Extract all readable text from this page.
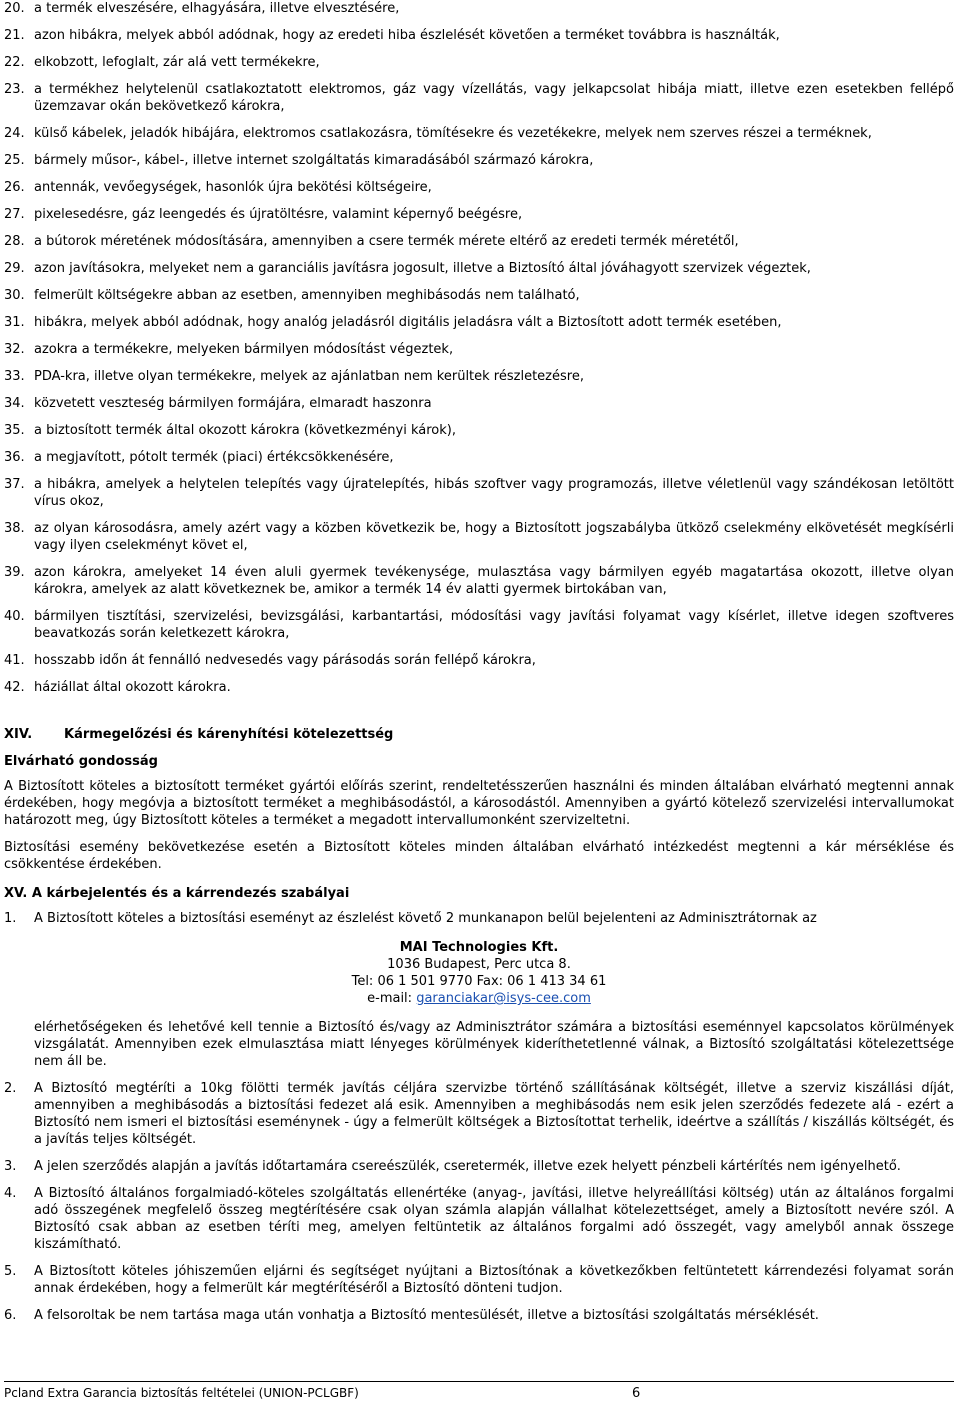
20. a termék elveszésére, elhagyására, illetve elvesztésére,
21. azon hibákra, melyek abból adódnak, hogy az eredeti hiba észlelését követően a terméket továbbra is használták,
22. elkobzott, lefoglalt, zár alá vett termékekre,
23. a termékhez helytelenül csatlakoztatott elektromos, gáz vagy vízellátás, vagy jelkapcsolat hibája miatt, illetve ezen esetekben fellépő üzemzavar okán bekövetkező károkra,
24. külső kábelek, jeladók hibájára, elektromos csatlakozásra, tömítésekre és vezetékekre, melyek nem szerves részei a terméknek,
25. bármely műsor-, kábel-, illetve internet szolgáltatás kimaradásából származó károkra,
26. antennák, vevőegységek, hasonlók újra bekötési költségeire,
27. pixelesedésre, gáz leengedés és újratöltésre, valamint képernyő beégésre,
28. a bútorok méretének módosítására, amennyiben a csere termék mérete eltérő az eredeti termék méretétől,
29. azon javításokra, melyeket nem a garanciális javításra jogosult, illetve a Biztosító által jóváhagyott szervizek végeztek,
30. felmerült költségekre abban az esetben, amennyiben meghibásodás nem található,
31. hibákra, melyek abból adódnak, hogy analóg jeladásról digitális jeladásra vált a Biztosított adott termék esetében,
32. azokra a termékekre, melyeken bármilyen módosítást végeztek,
33. PDA-kra, illetve olyan termékekre, melyek az ajánlatban nem kerültek részletezésre,
34. közvetett veszteség bármilyen formájára, elmaradt haszonra
35. a biztosított termék által okozott károkra (következményi károk),
36. a megjavított, pótolt termék (piaci) értékcsökkenésére,
37. a hibákra, amelyek a helytelen telepítés vagy újratelepítés, hibás szoftver vagy programozás, illetve véletlenül vagy szándékosan letöltött vírus okoz,
38. az olyan károsodásra, amely azért vagy a közben következik be, hogy a Biztosított jogszabályba ütköző cselekmény elkövetését megkísérli vagy ilyen cselekményt követ el,
39. azon károkra, amelyeket 14 éven aluli gyermek tevékenysége, mulasztása vagy bármilyen egyéb magatartása okozott, illetve olyan károkra, amelyek az alatt következnek be, amikor a termék 14 év alatti gyermek birtokában van,
40. bármilyen tisztítási, szervizelési, bevizsgálási, karbantartási, módosítási vagy javítási folyamat vagy kísérlet, illetve idegen szoftveres beavatkozás során keletkezett károkra,
41. hosszabb időn át fennálló nedvesedés vagy párásodás során fellépő károkra,
42. háziállat által okozott károkra.
XIV. Kármegelőzési és kárenyhítési kötelezettség
Elvárható gondosság

A Biztosított köteles a biztosított terméket gyártói előírás szerint, rendeltetésszerűen használni és minden általában elvárható megtenni annak érdekében, hogy megóvja a biztosított terméket a meghibásodástól, a károsodástól. Amennyiben a gyártó kötelező szervizelési intervallumokat határozott meg, úgy Biztosított köteles a terméket a megadott intervallumonként szervizeltetni.

Biztosítási esemény bekövetkezése esetén a Biztosított köteles minden általában elvárható intézkedést megtenni a kár mérséklése és csökkentése érdekében.

XV. A kárbejelentés és a kárrendezés szabályai
1. A Biztosított köteles a biztosítási eseményt az észlelést követő 2 munkanapon belül bejelenteni az Adminisztrátornak az
MAI Technologies Kft.
1036 Budapest, Perc utca 8.
Tel: 06 1 501 9770 Fax: 06 1 413 34 61
e-mail: garanciakar@isys-cee.com

elérhetőségeken és lehetővé kell tennie a Biztosító és/vagy az Adminisztrátor számára a biztosítási eseménnyel kapcsolatos körülmények vizsgálatát. Amennyiben ezek elmulasztása miatt lényeges körülmények kideríthetetlenné válnak, a Biztosító szolgáltatási kötelezettsége nem áll be.

2. A Biztosító megtéríti a 10kg fölötti termék javítás céljára szervizbe történő szállításának költségét, illetve a szerviz kiszállási díját, amennyiben a meghibásodás a biztosítási fedezet alá esik. Amennyiben a meghibásodás nem esik jelen szerződés fedezete alá - ezért a Biztosító nem ismeri el biztosítási eseménynek - úgy a felmerült költségek a Biztosítottat terhelik, ideértve a szállítás / kiszállás költségét, és a javítás teljes költségét.
3. A jelen szerződés alapján a javítás időtartamára csereészülék, cseretermék, illetve ezek helyett pénzbeli kártérítés nem igényelhető.
4. A Biztosító általános forgalmiadó-köteles szolgáltatás ellenértéke (anyag-, javítási, illetve helyreállítási költség) után az általános forgalmi adó összegének megfelelő összeg megtérítésére csak olyan számla alapján vállalhat kötelezettséget, amely a Biztosított nevére szól. A Biztosító csak abban az esetben téríti meg, amelyen feltüntetik az általános forgalmi adó összegét, vagy amelyből annak összege kiszámítható.
5. A Biztosított köteles jóhiszeműen eljárni és segítséget nyújtani a Biztosítónak a következőkben feltüntetett kárrendezési folyamat során annak érdekében, hogy a felmerült kár megtérítéséről a Biztosító dönteni tudjon.
6. A felsoroltak be nem tartása maga után vonhatja a Biztosító mentesülését, illetve a biztosítási szolgáltatás mérséklését.
Pcland Extra Garancia biztosítás feltételei (UNION-PCLGBF)	6
